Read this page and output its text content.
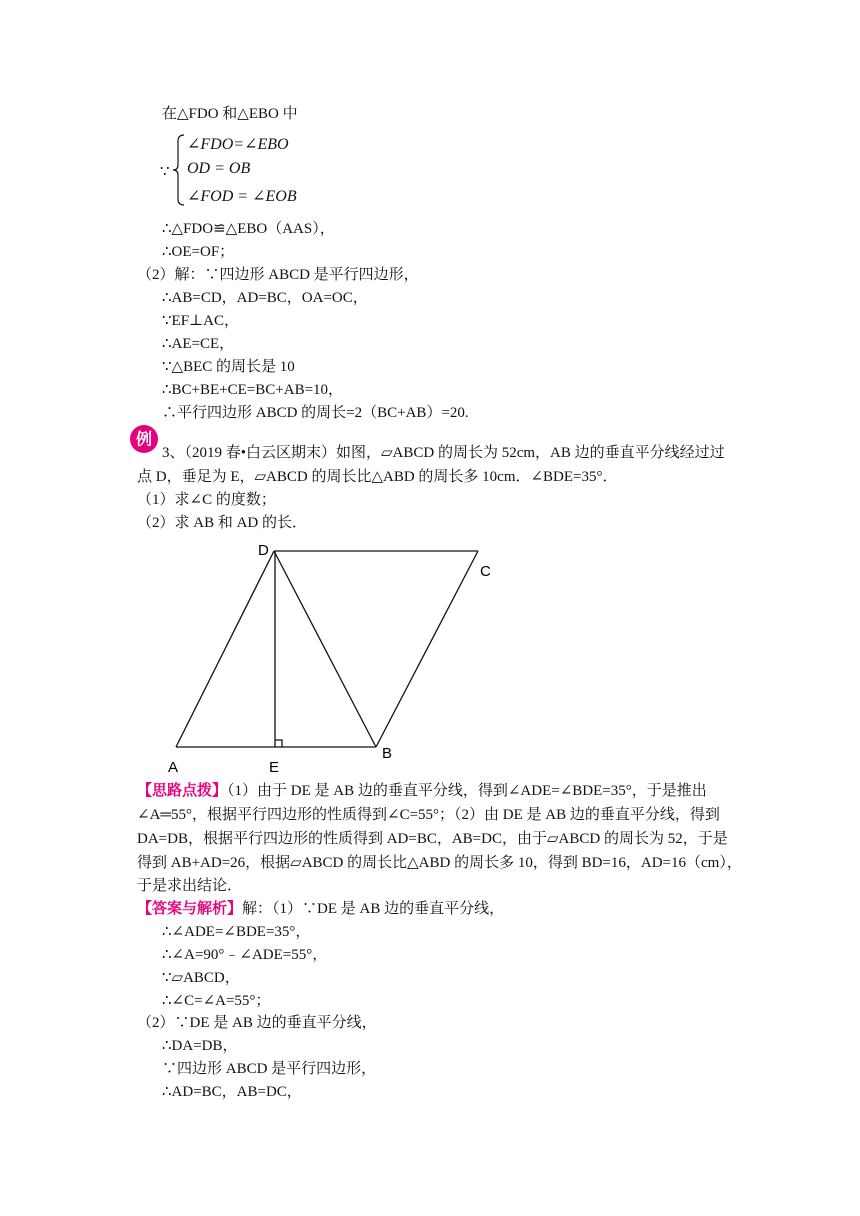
在△FDO 和△EBO 中
∵
∠FDO=∠EBO
OD = OB
∠FOD = ∠EOB
∴△FDO≌△EBO（AAS），
∴OE=OF；
（2）解：∵四边形 ABCD 是平行四边形，
∴AB=CD，AD=BC，OA=OC，
∵EF⊥AC，
∴AE=CE，
∵△BEC 的周长是 10
∴BC+BE+CE=BC+AB=10，
∴平行四边形 ABCD 的周长=2（BC+AB）=20.
例
3、（2019 春•白云区期末）如图，▱ABCD 的周长为 52cm，AB 边的垂直平分线经过过
点 D，垂足为 E，▱ABCD 的周长比△ABD 的周长多 10cm．∠BDE=35°．
（1）求∠C 的度数；
（2）求 AB 和 AD 的长．
D
C
A	E
B
【思路点拨】（1）由于 DE 是 AB 边的垂直平分线，得到∠ADE=∠BDE=35°，于是推出
∠A═55°，根据平行四边形的性质得到∠C=55°；（2）由 DE 是 AB 边的垂直平分线，得到
DA=DB，根据平行四边形的性质得到 AD=BC，AB=DC，由于▱ABCD 的周长为 52，于是
得到 AB+AD=26，根据▱ABCD 的周长比△ABD 的周长多 10，得到 BD=16，AD=16（cm），
于是求出结论．
【答案与解析】解：（1）∵DE 是 AB 边的垂直平分线，
∴∠ADE=∠BDE=35°，
∴∠A=90°﹣∠ADE=55°，
∵▱ABCD，
∴∠C=∠A=55°；
（2）∵DE 是 AB 边的垂直平分线，
∴DA=DB，
∵四边形 ABCD 是平行四边形，
∴AD=BC，AB=DC，
